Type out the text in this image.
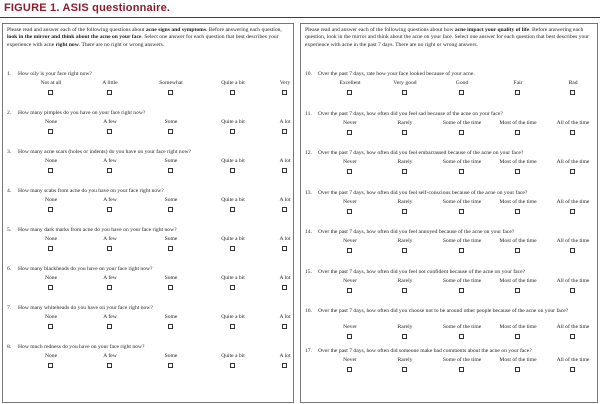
FIGURE 1. ASIS questionnaire.
Please read and answer each of the following questions about acne signs and symptoms. Before answering each question, look in the mirror and think about the acne on your face. Select one answer for each question that best describes your experience with acne right now. There are no right or wrong answers.
1. How oily is your face right now?
Not at all	A little	Somewhat	Quite a bit	Very
2. How many pimples do you have on your face right now?
None	A few	Some	Quite a bit	A lot
3. How many acne scars (holes or indents) do you have on your face right now?
None	A few	Some	Quite a bit	A lot
4. How many scabs from acne do you have on your face right now?
None	A few	Some	Quite a bit	A lot
5. How many dark marks from acne do you have on your face right now?
None	A few	Some	Quite a bit	A lot
6. How many blackheads do you have on your face right now?
None	A few	Some	Quite a bit	A lot
7. How many whiteheads do you have on your face right now?
None	A few	Some	Quite a bit	A lot
8. How much redness do you have on your face right now?
None	A few	Some	Quite a bit	A lot
Please read and answer each of the following questions about how acne impact your quality of life. Before answering each question, look in the mirror and think about the acne on your face. Select one answer for each question that best describes your experience with acne in the past 7 days. There are no right or wrong answers.
10. Over the past 7 days, rate how your face looked because of your acne.
Excellent	Very good	Good	Fair	Bad
11. Over the past 7 days, how often did you feel sad because of the acne on your face?
Never	Rarely	Some of the time	Most of the time	All of the time
12. Over the past 7 days, how often did you feel embarrassed because of the acne on your face?
Never	Rarely	Some of the time	Most of the time	All of the time
13. Over the past 7 days, how often did you feel self-conscious because of the acne on your face?
Never	Rarely	Some of the time	Most of the time	All of the time
14. Over the past 7 days, how often did you feel annoyed because of the acne on your face?
Never	Rarely	Some of the time	Most of the time	All of the time
15. Over the past 7 days, how often did you feel not confident because of the acne on your face?
Never	Rarely	Some of the time	Most of the time	All of the time
16. Over the past 7 days, how often did you choose not to be around other people because of the acne on your face?
Never	Rarely	Some of the time	Most of the time	All of the time
17. Over the past 7 days, how often did someone make bad comments about the acne on your face?
Never	Rarely	Some of the time	Most of the time	All of the time
